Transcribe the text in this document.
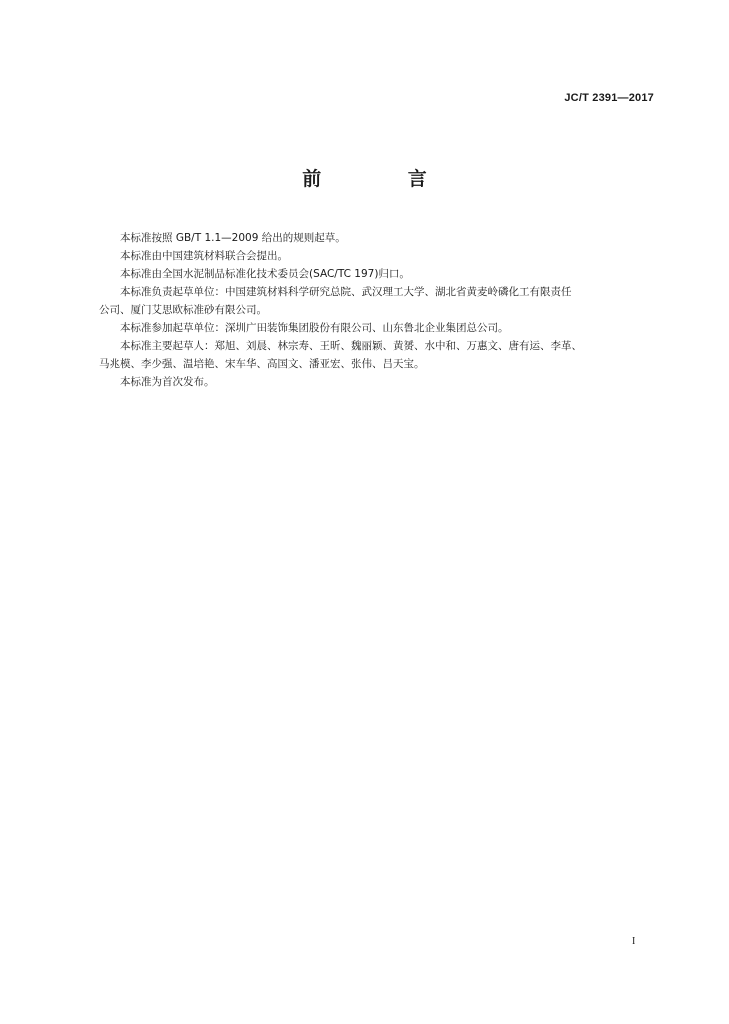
JC/T 2391—2017
前 言

本标准按照 GB/T 1.1—2009 给出的规则起草。

本标准由中国建筑材料联合会提出。

本标准由全国水泥制品标准化技术委员会(SAC/TC 197)归口。

本标准负责起草单位：中国建筑材料科学研究总院、武汉理工大学、湖北省黄麦岭磷化工有限责任
公司、厦门艾思欧标准砂有限公司。

本标准参加起草单位：深圳广田装饰集团股份有限公司、山东鲁北企业集团总公司。

本标准主要起草人：郑旭、刘晨、林宗寿、王昕、魏丽颖、黄赟、水中和、万惠文、唐有运、李革、
马兆模、李少强、温培艳、宋车华、高国文、潘亚宏、张伟、吕天宝。

本标准为首次发布。

I
